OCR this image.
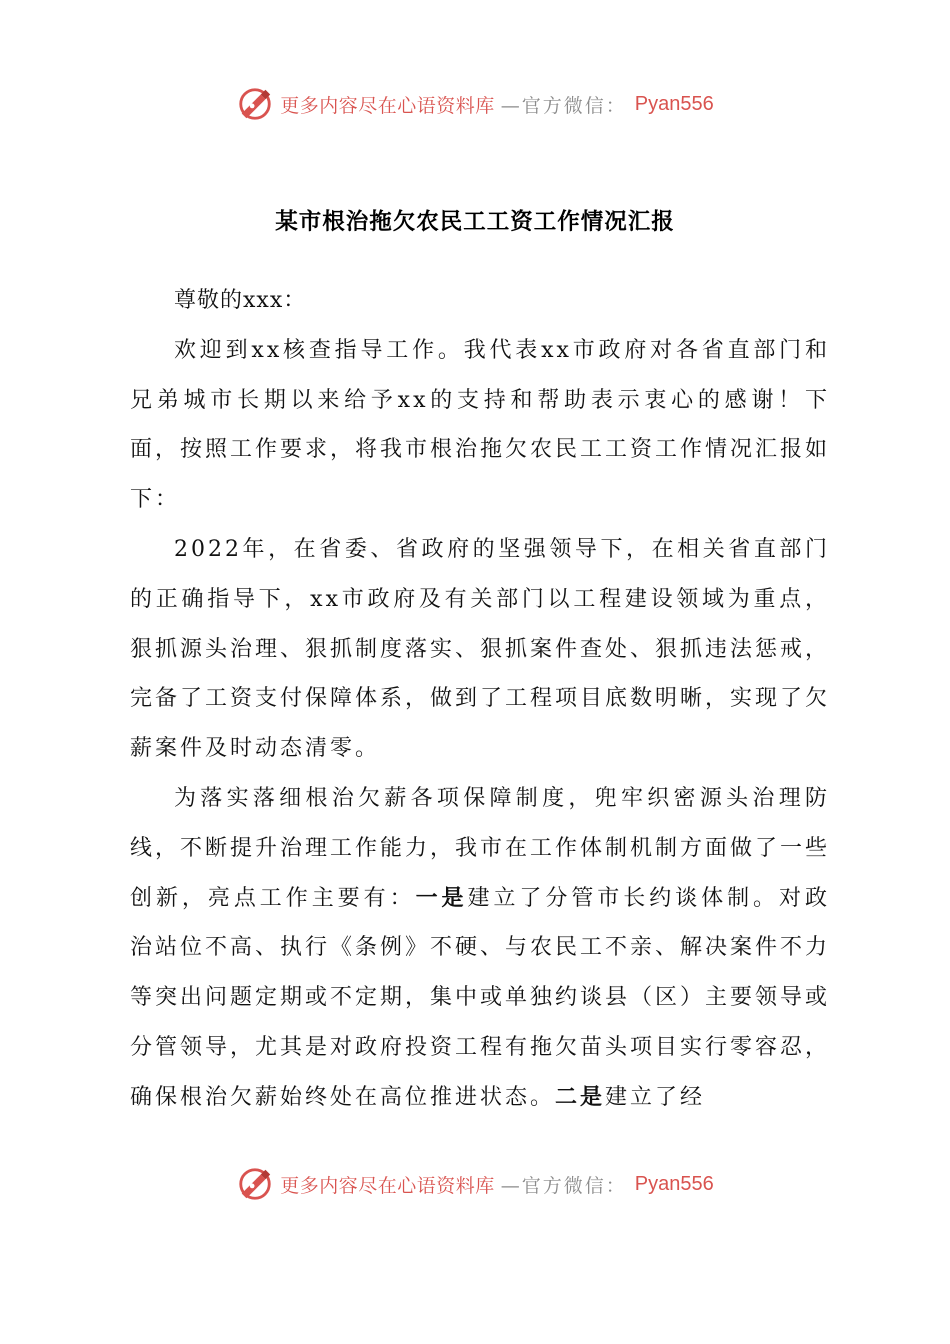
更多内容尽在心语资料库 —官方微信： Pyan556
某市根治拖欠农民工工资工作情况汇报

尊敬的xxx：

欢迎到xx核查指导工作。我代表xx市政府对各省直部门和兄弟城市长期以来给予xx的支持和帮助表示衷心的感谢！下面，按照工作要求，将我市根治拖欠农民工工资工作情况汇报如下：

2022年，在省委、省政府的坚强领导下，在相关省直部门的正确指导下，xx市政府及有关部门以工程建设领域为重点，狠抓源头治理、狠抓制度落实、狠抓案件查处、狠抓违法惩戒，完备了工资支付保障体系，做到了工程项目底数明晰，实现了欠薪案件及时动态清零。

为落实落细根治欠薪各项保障制度，兜牢织密源头治理防线，不断提升治理工作能力，我市在工作体制机制方面做了一些创新，亮点工作主要有：一是建立了分管市长约谈体制。对政治站位不高、执行《条例》不硬、与农民工不亲、解决案件不力等突出问题定期或不定期，集中或单独约谈县（区）主要领导或分管领导，尤其是对政府投资工程有拖欠苗头项目实行零容忍，确保根治欠薪始终处在高位推进状态。二是建立了经

更多内容尽在心语资料库 —官方微信： Pyan556
